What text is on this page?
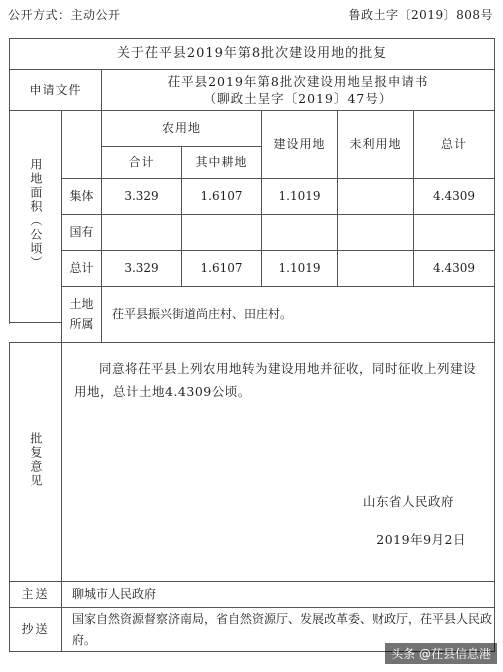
公开方式：主动公开	鲁政土字〔2019〕808号
关于茌平县2019年第8批次建设用地的批复						
申请文件		茌平县2019年第8批次建设用地呈报申请书
（聊政土呈字〔2019〕47号）				

用地面积（公顷）		农用地		建设用地	未利用地	总计
		合计	其中耕地			
	集体	3.329	1.6107	1.1019		4.4309
	国有					
	总计	3.329	1.6107	1.1019		4.4309

	土地所属	茌平县振兴街道尚庄村、田庄村。				

批复意见	同意将茌平县上列农用地转为建设用地并征收，同时征收上列建设用地，总计土地4.4309公顷。
山东省人民政府
2019年9月2日					

主送	聊城市人民政府					
抄送	国家自然资源督察济南局，省自然资源厅、发展改革委、财政厅，茌平县人民政府。					
头条 @茌县信息港
